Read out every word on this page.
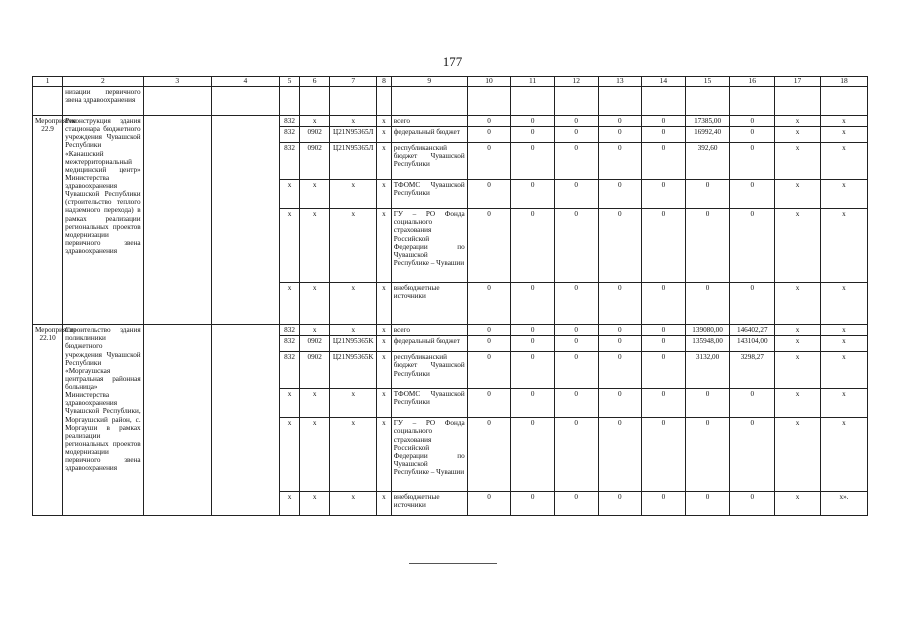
177
1	2	3	4	5	6	7	8	9	10	11	12	13	14	15	16	17	18
	низации первичного звена здравоохранения																
Мероприятие 22.9	Реконструкция здания стационара бюджетного учреждения Чувашской Республики «Канашский межтерриториальный медицинский центр» Министерства здравоохранения Чувашской Республики (строительство теплого надземного перехода) в рамках реализации региональных проектов модернизации первичного звена здравоохранения			832	x	x	x	всего	0	0	0	0	0	17385,00	0	x	x
				832	0902	Ц21N95365Л	x	федеральный бюджет	0	0	0	0	0	16992,40	0	x	x
				832	0902	Ц21N95365Л	x	республиканский бюджет Чувашской Республики	0	0	0	0	0	392,60	0	x	x
				x	x	x	x	ТФОМС Чувашской Республики	0	0	0	0	0	0	0	x	x
				x	x	x	x	ГУ – РО Фонда социального страхования Российской Федерации по Чувашской Республике – Чувашии	0	0	0	0	0	0	0	x	x
				x	x	x	x	внебюджетные источники	0	0	0	0	0	0	0	x	x
Мероприятие 22.10	Строительство здания поликлиники бюджетного учреждения Чувашской Республики «Моргаушская центральная районная больница» Министерства здравоохранения Чувашской Республики, Моргаушский район, с. Моргауши в рамках реализации региональных проектов модернизации первичного звена здравоохранения			832	x	x	x	всего	0	0	0	0	0	139080,00	146402,27	x	x
				832	0902	Ц21N95365K	x	федеральный бюджет	0	0	0	0	0	135948,00	143104,00	x	x
				832	0902	Ц21N95365K	x	республиканский бюджет Чувашской Республики	0	0	0	0	0	3132,00	3298,27	x	x
				x	x	x	x	ТФОМС Чувашской Республики	0	0	0	0	0	0	0	x	x
				x	x	x	x	ГУ – РО Фонда социального страхования Российской Федерации по Чувашской Республике – Чувашии	0	0	0	0	0	0	0	x	x
				x	x	x	x	внебюджетные источники	0	0	0	0	0	0	0	x	x».
